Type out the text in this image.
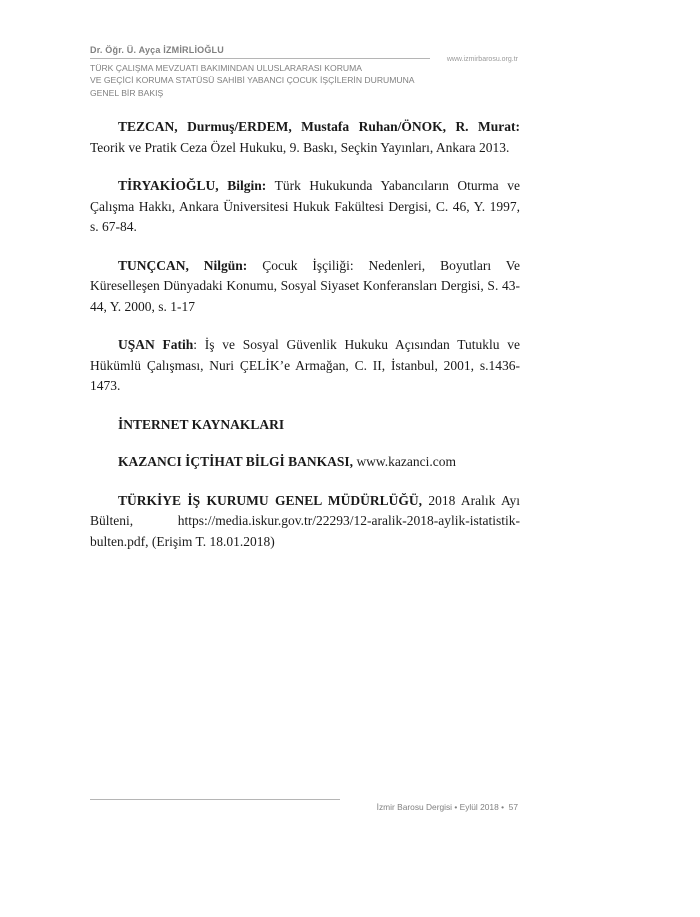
Dr. Öğr. Ü. Ayça İZMİRLİOĞLU
www.izmirbarosu.org.tr
TÜRK ÇALIŞMA MEVZUATI BAKIMINDAN ULUSLARARASI KORUMA
VE GEÇİCİ KORUMA STATÜSÜ SAHİBİ YABANCI ÇOCUK İŞÇİLERİN DURUMUNA
GENEL BİR BAKIŞ

TEZCAN, Durmuş/ERDEM, Mustafa Ruhan/ÖNOK, R. Murat: Teorik ve Pratik Ceza Özel Hukuku, 9. Baskı, Seçkin Yayınları, Ankara 2013.

TİRYAKİOĞLU, Bilgin: Türk Hukukunda Yabancıların Oturma ve Çalışma Hakkı, Ankara Üniversitesi Hukuk Fakültesi Dergisi, C. 46, Y. 1997, s. 67-84.

TUNÇCAN, Nilgün: Çocuk İşçiliği: Nedenleri, Boyutları Ve Küreselleşen Dünyadaki Konumu, Sosyal Siyaset Konferansları Dergisi, S. 43-44, Y. 2000, s. 1-17

UŞAN Fatih: İş ve Sosyal Güvenlik Hukuku Açısından Tutuklu ve Hükümlü Çalışması, Nuri ÇELİK’e Armağan, C. II, İstanbul, 2001, s.1436-1473.

İNTERNET KAYNAKLARI

KAZANCI İÇTİHAT BİLGİ BANKASI, www.kazanci.com

TÜRKİYE İŞ KURUMU GENEL MÜDÜRLÜĞÜ, 2018 Aralık Ayı Bülteni, https://media.iskur.gov.tr/22293/12-aralik-2018-aylik-istatistik-bulten.pdf, (Erişim T. 18.01.2018)

İzmir Barosu Dergisi • Eylül 2018 • 57
